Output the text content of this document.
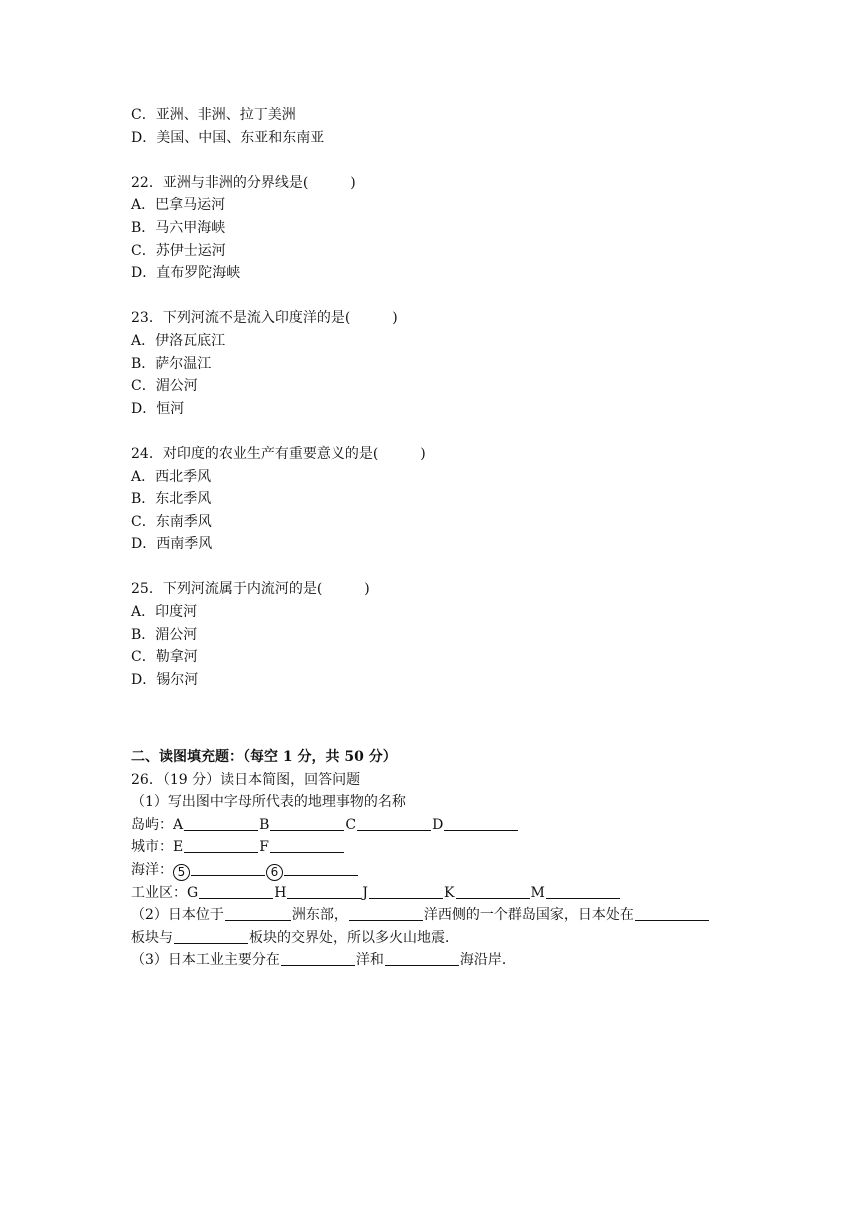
C．亚洲、非洲、拉丁美洲
D．美国、中国、东亚和东南亚
22．亚洲与非洲的分界线是(　　　)
A．巴拿马运河
B．马六甲海峡
C．苏伊士运河
D．直布罗陀海峡
23．下列河流不是流入印度洋的是(　　　)
A．伊洛瓦底江
B．萨尔温江
C．湄公河
D．恒河
24．对印度的农业生产有重要意义的是(　　　)
A．西北季风
B．东北季风
C．东南季风
D．西南季风
25．下列河流属于内流河的是(　　　)
A．印度河
B．湄公河
C．勒拿河
D．锡尔河
二、读图填充题：（每空 1 分，共 50 分）
26．（19 分）读日本简图，回答问题
（1）写出图中字母所代表的地理事物的名称
岛屿：A	B	C	D
城市：E	F
海洋： 5	6
工业区：G	H	J	K	M
（2）日本位于	洲东部，	洋西侧的一个群岛国家，日本处在
板块与	板块的交界处，所以多火山地震．
（3）日本工业主要分在	洋和	海沿岸．
